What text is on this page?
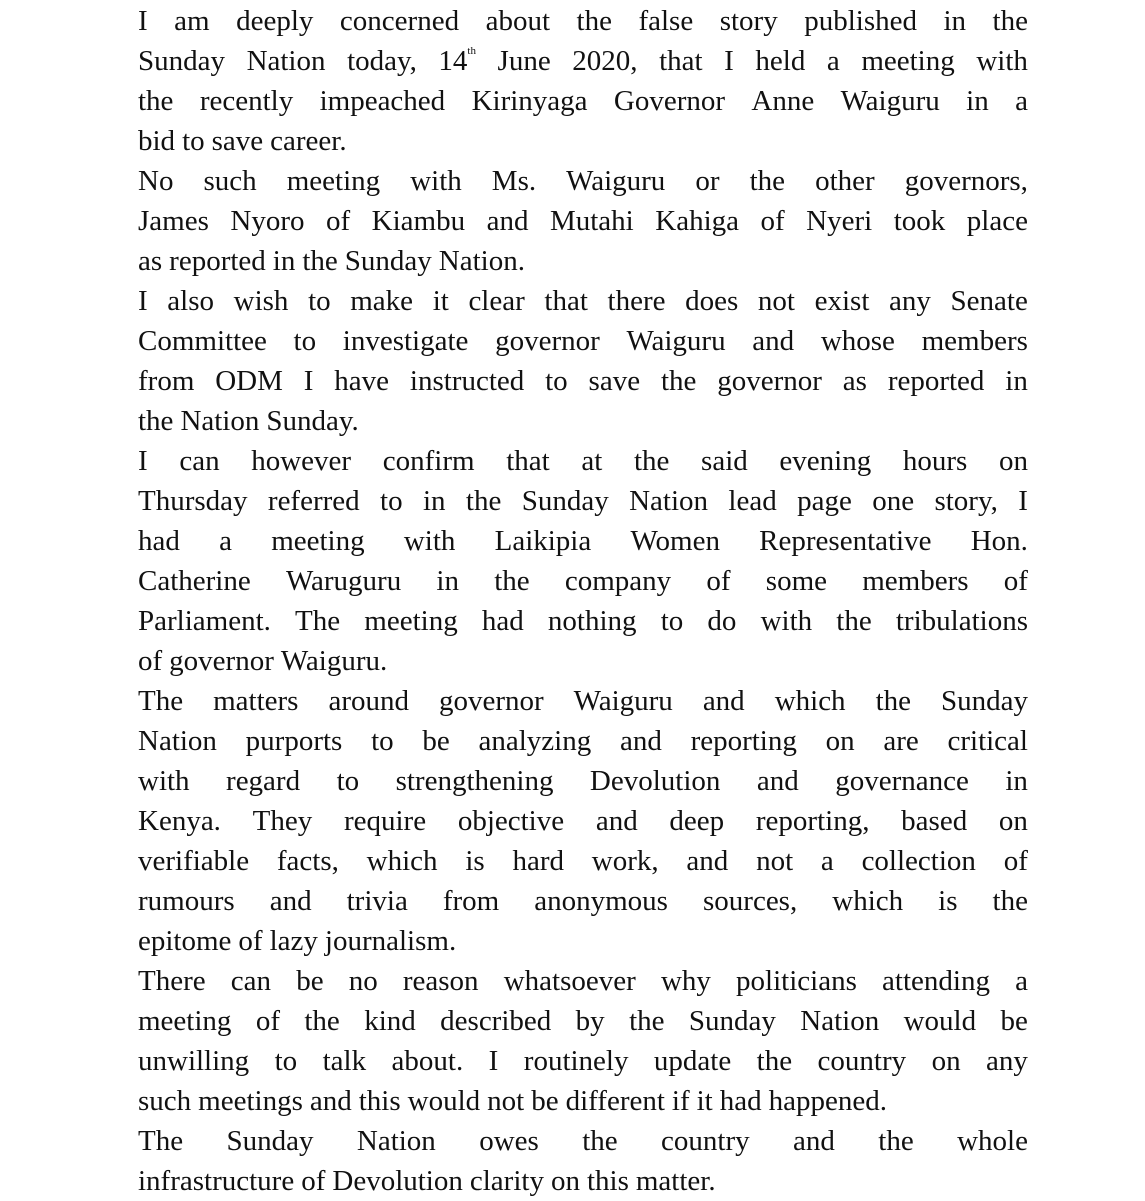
I am deeply concerned about the false story published in the
Sunday Nation today, 14th June 2020, that I held a meeting with
the recently impeached Kirinyaga Governor Anne Waiguru in a
bid to save career.
No such meeting with Ms. Waiguru or the other governors,
James Nyoro of Kiambu and Mutahi Kahiga of Nyeri took place
as reported in the Sunday Nation.
I also wish to make it clear that there does not exist any Senate
Committee to investigate governor Waiguru and whose members
from ODM I have instructed to save the governor as reported in
the Nation Sunday.
I can however confirm that at the said evening hours on
Thursday referred to in the Sunday Nation lead page one story, I
had a meeting with Laikipia Women Representative Hon.
Catherine Waruguru in the company of some members of
Parliament. The meeting had nothing to do with the tribulations
of governor Waiguru.
The matters around governor Waiguru and which the Sunday
Nation purports to be analyzing and reporting on are critical
with regard to strengthening Devolution and governance in
Kenya. They require objective and deep reporting, based on
verifiable facts, which is hard work, and not a collection of
rumours and trivia from anonymous sources, which is the
epitome of lazy journalism.
There can be no reason whatsoever why politicians attending a
meeting of the kind described by the Sunday Nation would be
unwilling to talk about. I routinely update the country on any
such meetings and this would not be different if it had happened.
The Sunday Nation owes the country and the whole
infrastructure of Devolution clarity on this matter.
